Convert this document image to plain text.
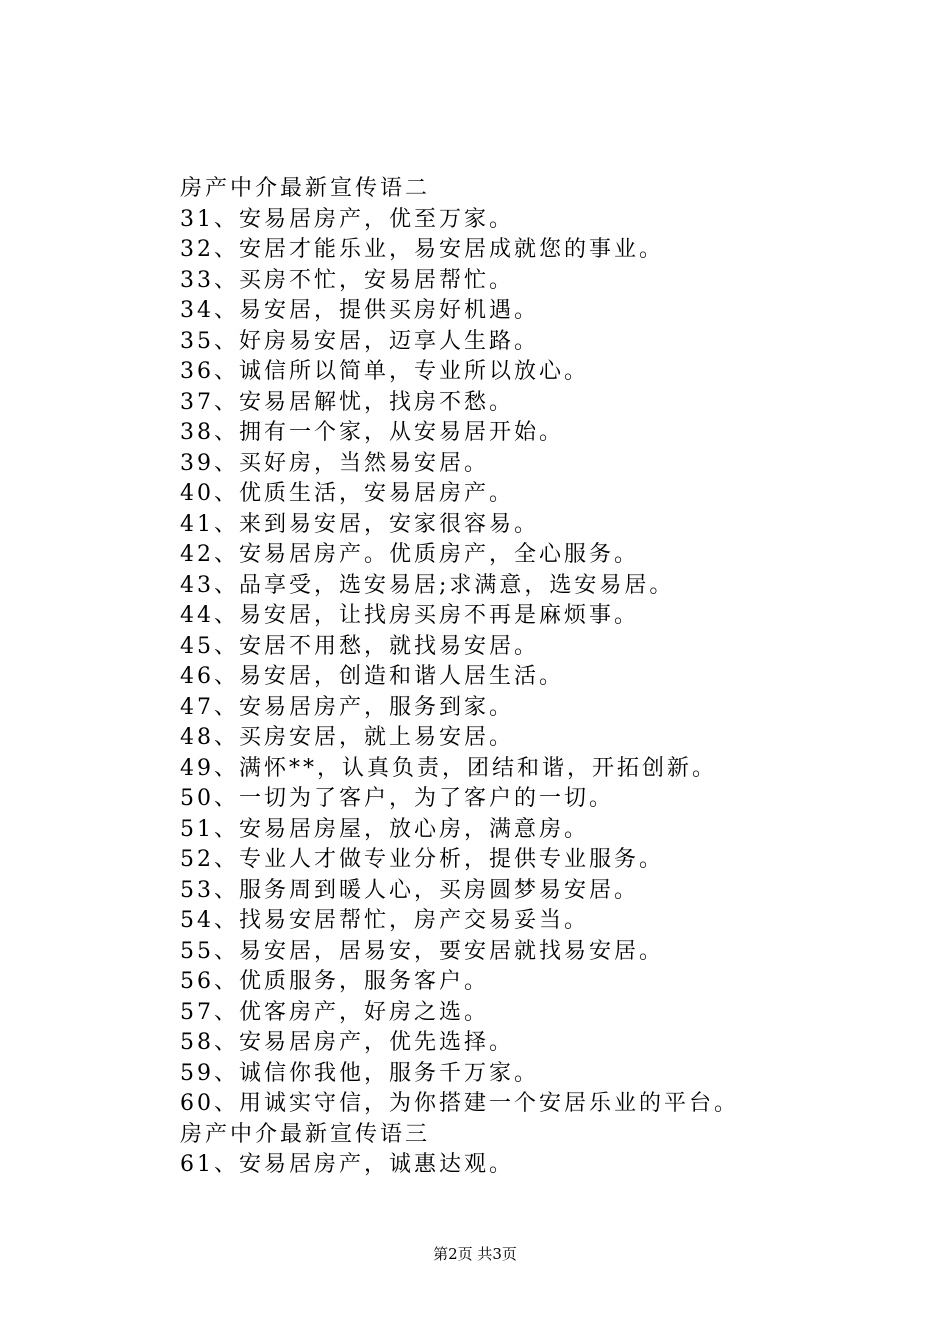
房产中介最新宣传语二
31、安易居房产，优至万家。
32、安居才能乐业，易安居成就您的事业。
33、买房不忙，安易居帮忙。
34、易安居，提供买房好机遇。
35、好房易安居，迈享人生路。
36、诚信所以简单，专业所以放心。
37、安易居解忧，找房不愁。
38、拥有一个家，从安易居开始。
39、买好房，当然易安居。
40、优质生活，安易居房产。
41、来到易安居，安家很容易。
42、安易居房产。优质房产，全心服务。
43、品享受，选安易居;求满意，选安易居。
44、易安居，让找房买房不再是麻烦事。
45、安居不用愁，就找易安居。
46、易安居，创造和谐人居生活。
47、安易居房产，服务到家。
48、买房安居，就上易安居。
49、满怀**，认真负责，团结和谐，开拓创新。
50、一切为了客户，为了客户的一切。
51、安易居房屋，放心房，满意房。
52、专业人才做专业分析，提供专业服务。
53、服务周到暖人心，买房圆梦易安居。
54、找易安居帮忙，房产交易妥当。
55、易安居，居易安，要安居就找易安居。
56、优质服务，服务客户。
57、优客房产，好房之选。
58、安易居房产，优先选择。
59、诚信你我他，服务千万家。
60、用诚实守信，为你搭建一个安居乐业的平台。
房产中介最新宣传语三
61、安易居房产，诚惠达观。
第2页 共3页
